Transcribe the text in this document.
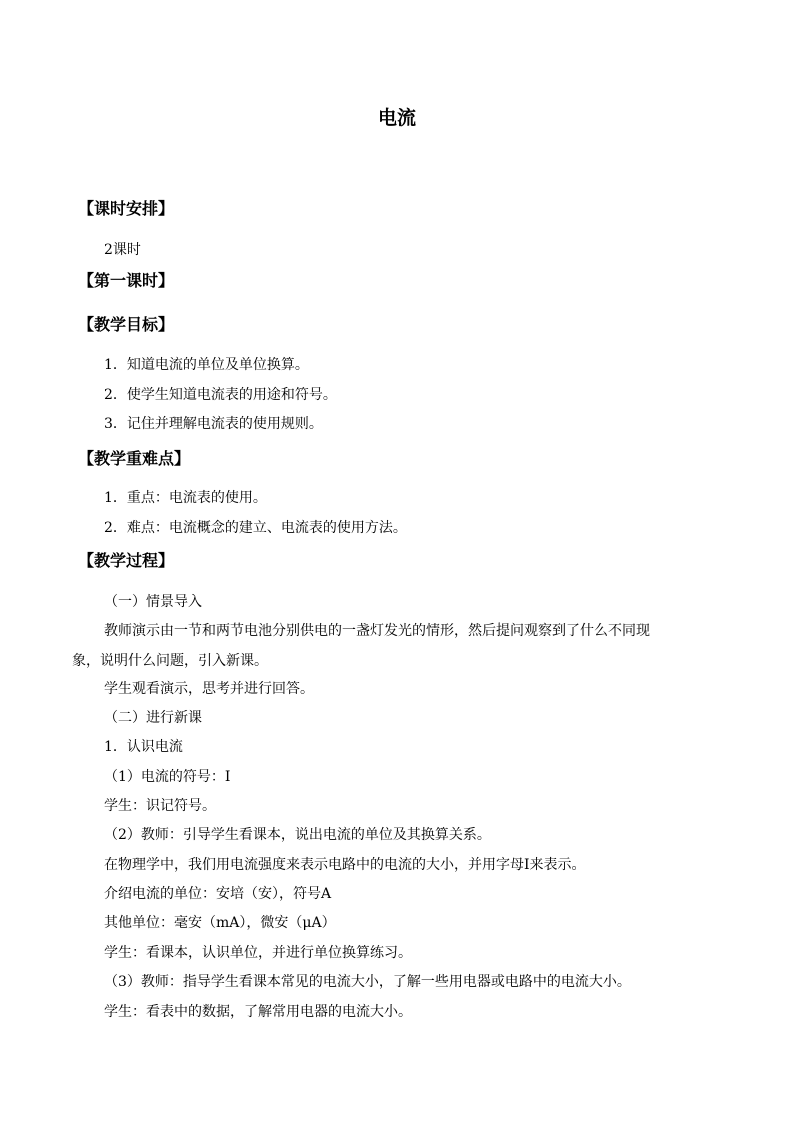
电流
【课时安排】
2课时
【第一课时】
【教学目标】
1．知道电流的单位及单位换算。
2．使学生知道电流表的用途和符号。
3．记住并理解电流表的使用规则。
【教学重难点】
1．重点：电流表的使用。
2．难点：电流概念的建立、电流表的使用方法。
【教学过程】
（一）情景导入
教师演示由一节和两节电池分别供电的一盏灯发光的情形，然后提问观察到了什么不同现
象，说明什么问题，引入新课。
学生观看演示，思考并进行回答。
（二）进行新课
1．认识电流
（1）电流的符号：I
学生：识记符号。
（2）教师：引导学生看课本，说出电流的单位及其换算关系。
在物理学中，我们用电流强度来表示电路中的电流的大小，并用字母I来表示。
介绍电流的单位：安培（安），符号A
其他单位：毫安（mA），微安（μA）
学生：看课本，认识单位，并进行单位换算练习。
（3）教师：指导学生看课本常见的电流大小，了解一些用电器或电路中的电流大小。
学生：看表中的数据，了解常用电器的电流大小。
